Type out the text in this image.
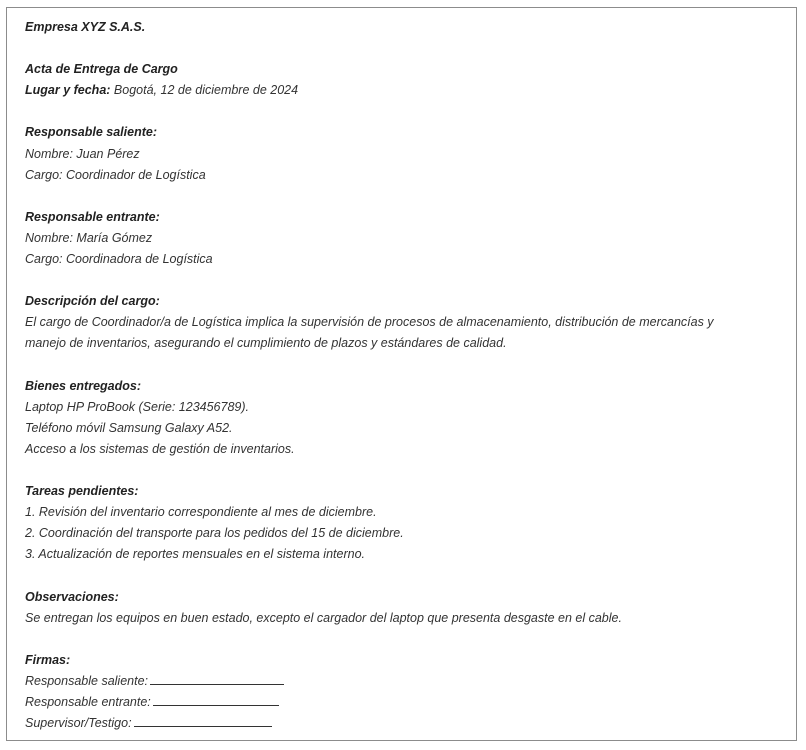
Empresa XYZ S.A.S.
Acta de Entrega de Cargo
Lugar y fecha: Bogotá, 12 de diciembre de 2024
Responsable saliente:
Nombre: Juan Pérez
Cargo: Coordinador de Logística
Responsable entrante:
Nombre: María Gómez
Cargo: Coordinadora de Logística
Descripción del cargo:
El cargo de Coordinador/a de Logística implica la supervisión de procesos de almacenamiento, distribución de mercancías y manejo de inventarios, asegurando el cumplimiento de plazos y estándares de calidad.
Bienes entregados:
Laptop HP ProBook (Serie: 123456789).
Teléfono móvil Samsung Galaxy A52.
Acceso a los sistemas de gestión de inventarios.
Tareas pendientes:
1. Revisión del inventario correspondiente al mes de diciembre.
2. Coordinación del transporte para los pedidos del 15 de diciembre.
3. Actualización de reportes mensuales en el sistema interno.
Observaciones:
Se entregan los equipos en buen estado, excepto el cargador del laptop que presenta desgaste en el cable.
Firmas:
Responsable saliente:
Responsable entrante:
Supervisor/Testigo:
